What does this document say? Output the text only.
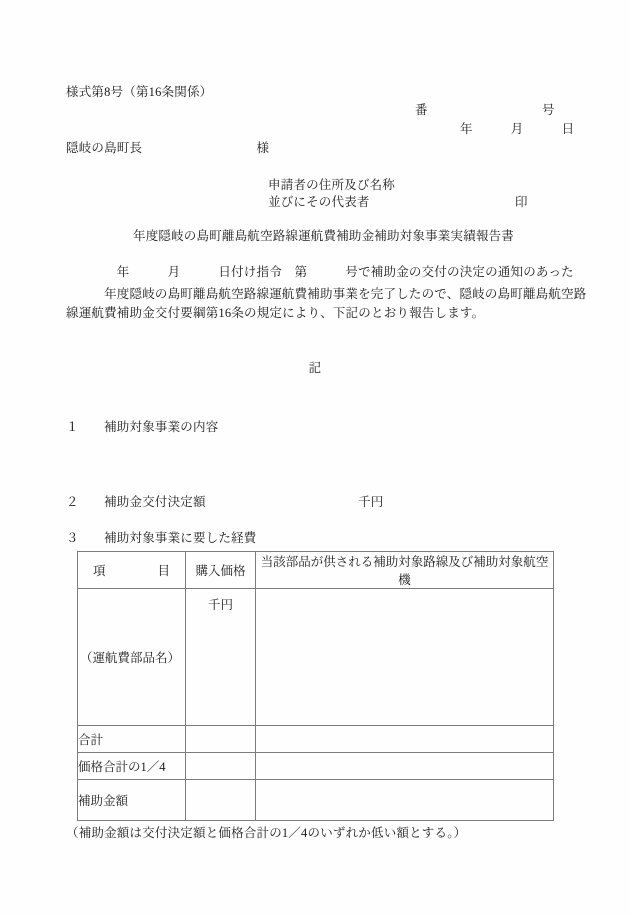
様式第8号（第16条関係）
番　　　　　　　　　号
年　　　月　　　日
隠岐の島町長　　　　　　　　　様
申請者の住所及び名称
並びにその代表者	印
年度隠岐の島町離島航空路線運航費補助金補助対象事業実績報告書
　　　　年　　　月　　　日付け指令　第　　　号で補助金の交付の決定の通知のあった
　　　年度隠岐の島町離島航空路線運航費補助事業を完了したので、隠岐の島町離島航空路
線運航費補助金交付要綱第16条の規定により、下記のとおり報告します。
記
１　　補助対象事業の内容
２　　補助金交付決定額　　　　　　　　　　　　千円
３　　補助対象事業に要した経費
項　　目	購入価格	当該部品が供される補助対象路線及び補助対象航空機

（運航費部品名）	千円	

合計	

価格合計の1／4	

補助金額	

（補助金額は交付決定額と価格合計の1／4のいずれか低い額とする。）
